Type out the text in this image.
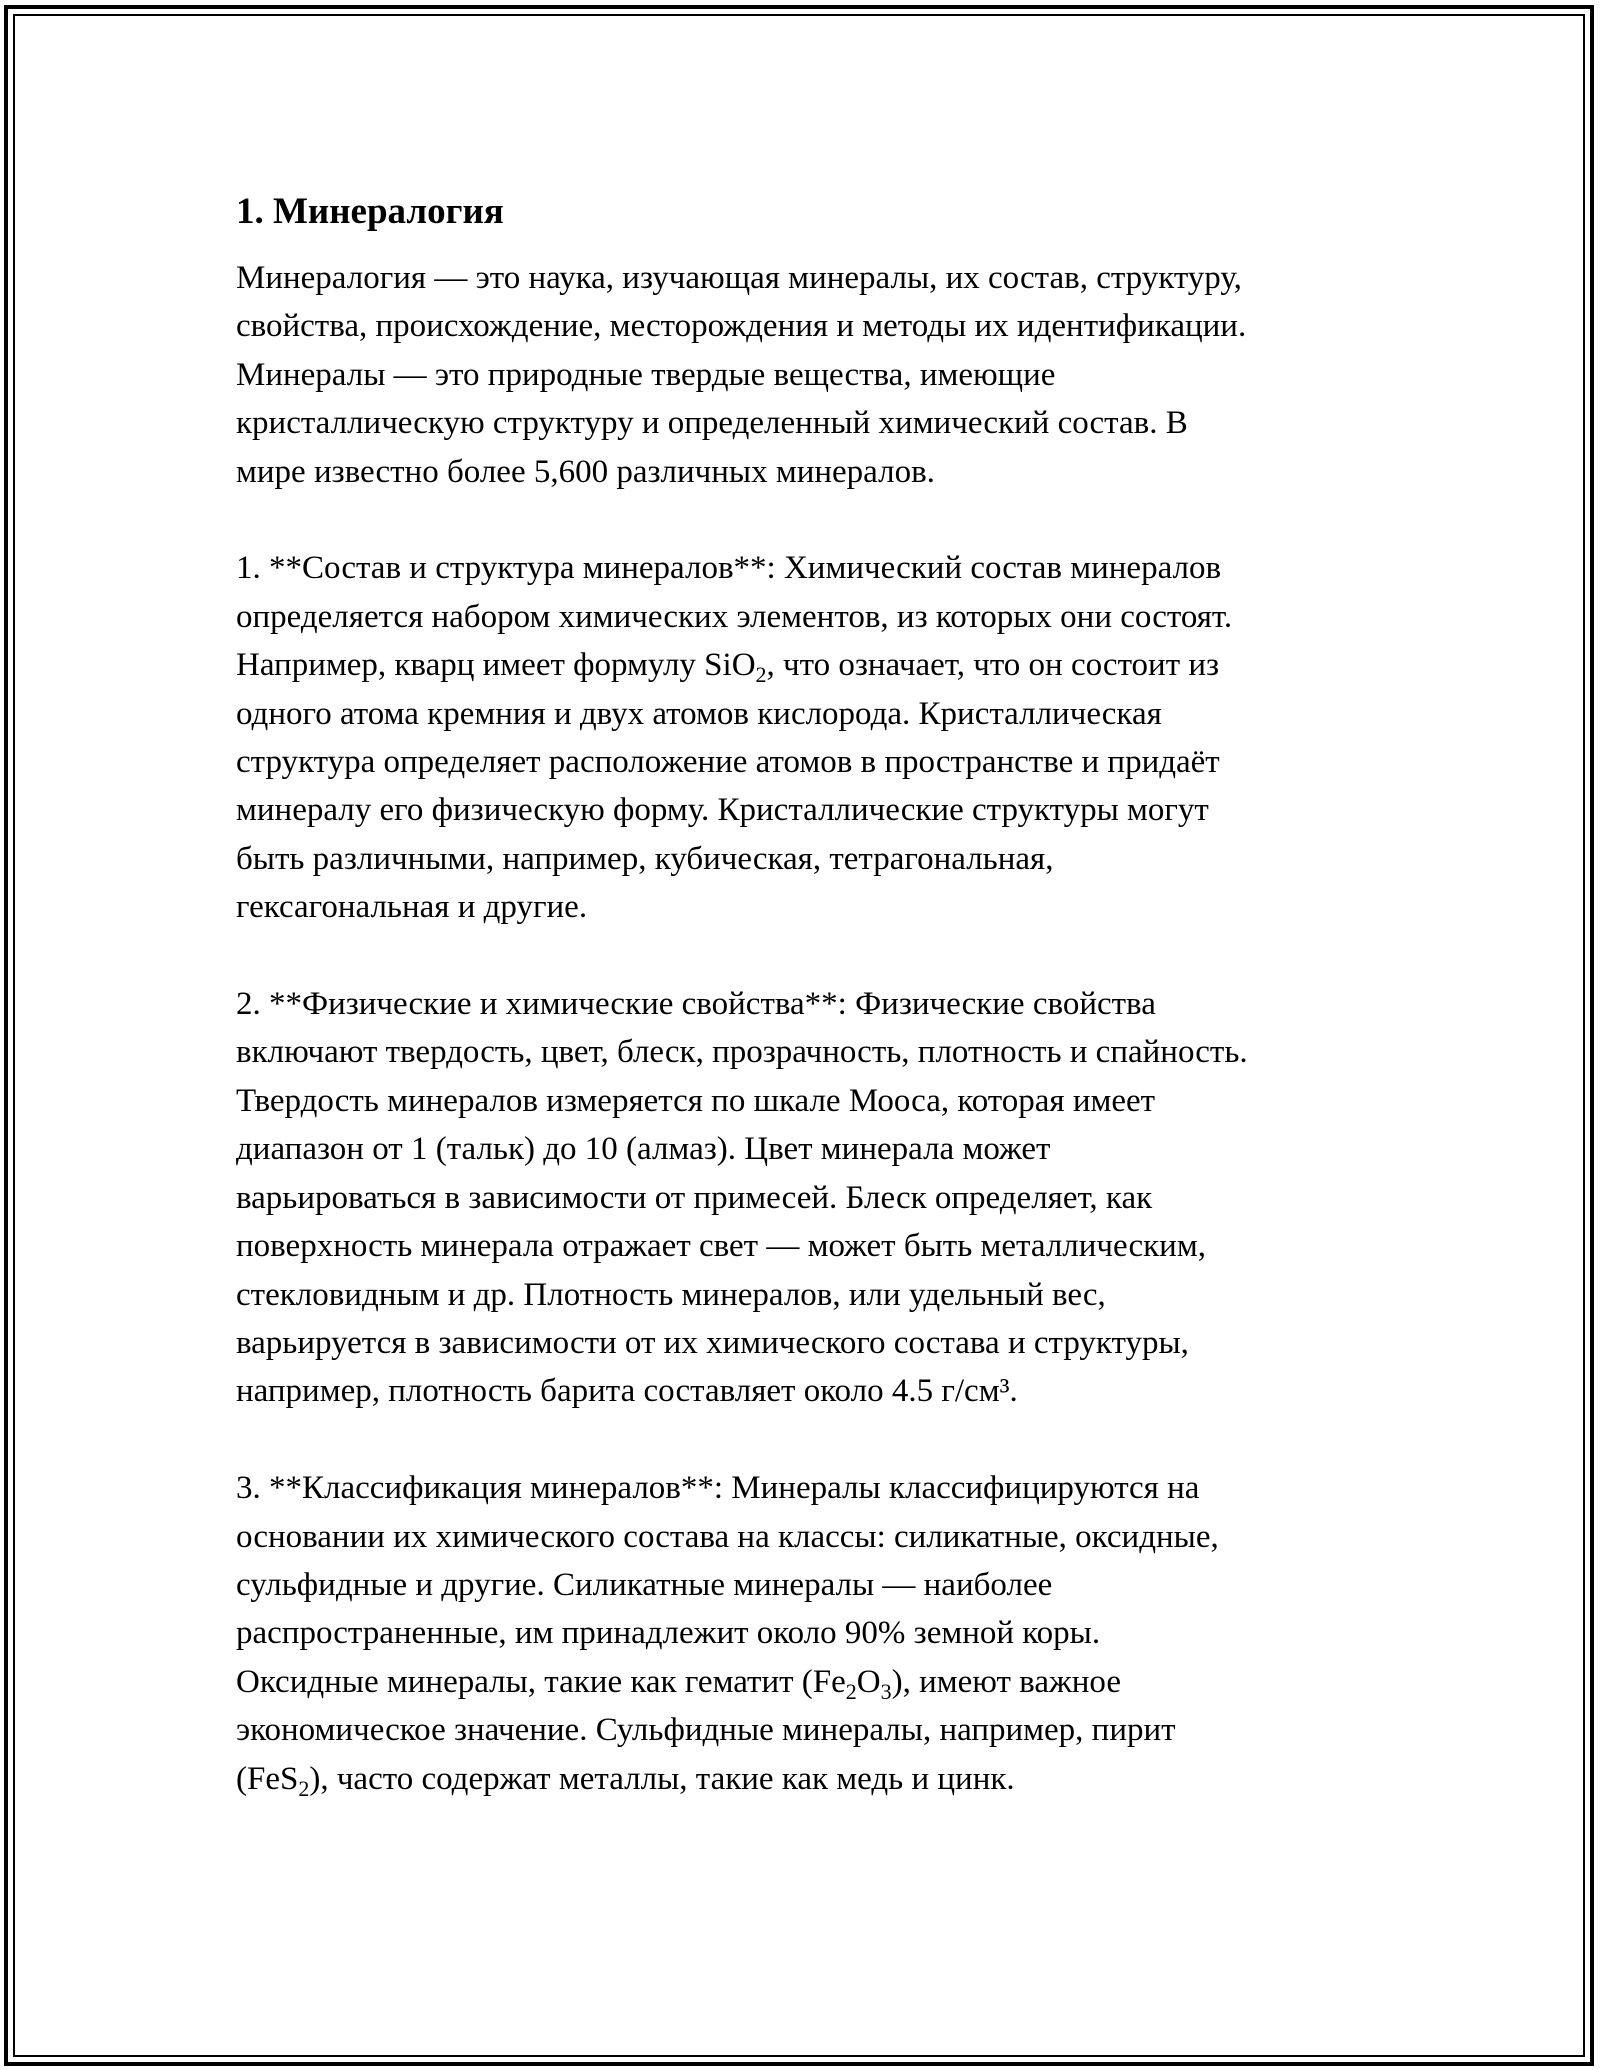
1. Минералогия
Минералогия — это наука, изучающая минералы, их состав, структуру,
свойства, происхождение, месторождения и методы их идентификации.
Минералы — это природные твердые вещества, имеющие
кристаллическую структуру и определенный химический состав. В
мире известно более 5,600 различных минералов.
1. **Состав и структура минералов**: Химический состав минералов
определяется набором химических элементов, из которых они состоят.
Например, кварц имеет формулу SiO$_2$, что означает, что он состоит из
одного атома кремния и двух атомов кислорода. Кристаллическая
структура определяет расположение атомов в пространстве и придаёт
минералу его физическую форму. Кристаллические структуры могут
быть различными, например, кубическая, тетрагональная,
гексагональная и другие.
2. **Физические и химические свойства**: Физические свойства
включают твердость, цвет, блеск, прозрачность, плотность и спайность.
Твердость минералов измеряется по шкале Мооса, которая имеет
диапазон от 1 (тальк) до 10 (алмаз). Цвет минерала может
варьироваться в зависимости от примесей. Блеск определяет, как
поверхность минерала отражает свет — может быть металлическим,
стекловидным и др. Плотность минералов, или удельный вес,
варьируется в зависимости от их химического состава и структуры,
например, плотность барита составляет около 4.5 г/см³.
3. **Классификация минералов**: Минералы классифицируются на
основании их химического состава на классы: силикатные, оксидные,
сульфидные и другие. Силикатные минералы — наиболее
распространенные, им принадлежит около 90% земной коры.
Оксидные минералы, такие как гематит $(Fe_2O_3)$, имеют важное
экономическое значение. Сульфидные минералы, например, пирит
(FeS$_2$), часто содержат металлы, такие как медь и цинк.
